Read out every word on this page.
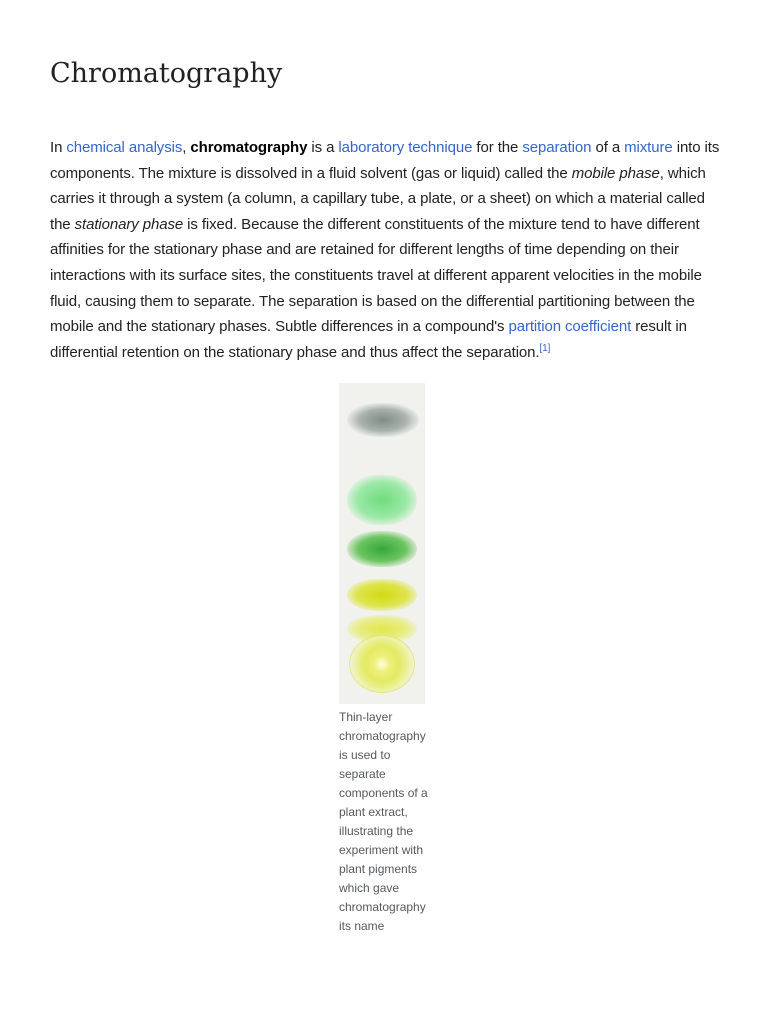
Chromatography

In chemical analysis, chromatography is a laboratory technique for the separation of a mixture into its components. The mixture is dissolved in a fluid solvent (gas or liquid) called the mobile phase, which carries it through a system (a column, a capillary tube, a plate, or a sheet) on which a material called the stationary phase is fixed. Because the different constituents of the mixture tend to have different affinities for the stationary phase and are retained for different lengths of time depending on their interactions with its surface sites, the constituents travel at different apparent velocities in the mobile fluid, causing them to separate. The separation is based on the differential partitioning between the mobile and the stationary phases. Subtle differences in a compound's partition coefficient result in differential retention on the stationary phase and thus affect the separation.[1]

Thin-layer chromatography is used to separate components of a plant extract, illustrating the experiment with plant pigments which gave chromatography its name
